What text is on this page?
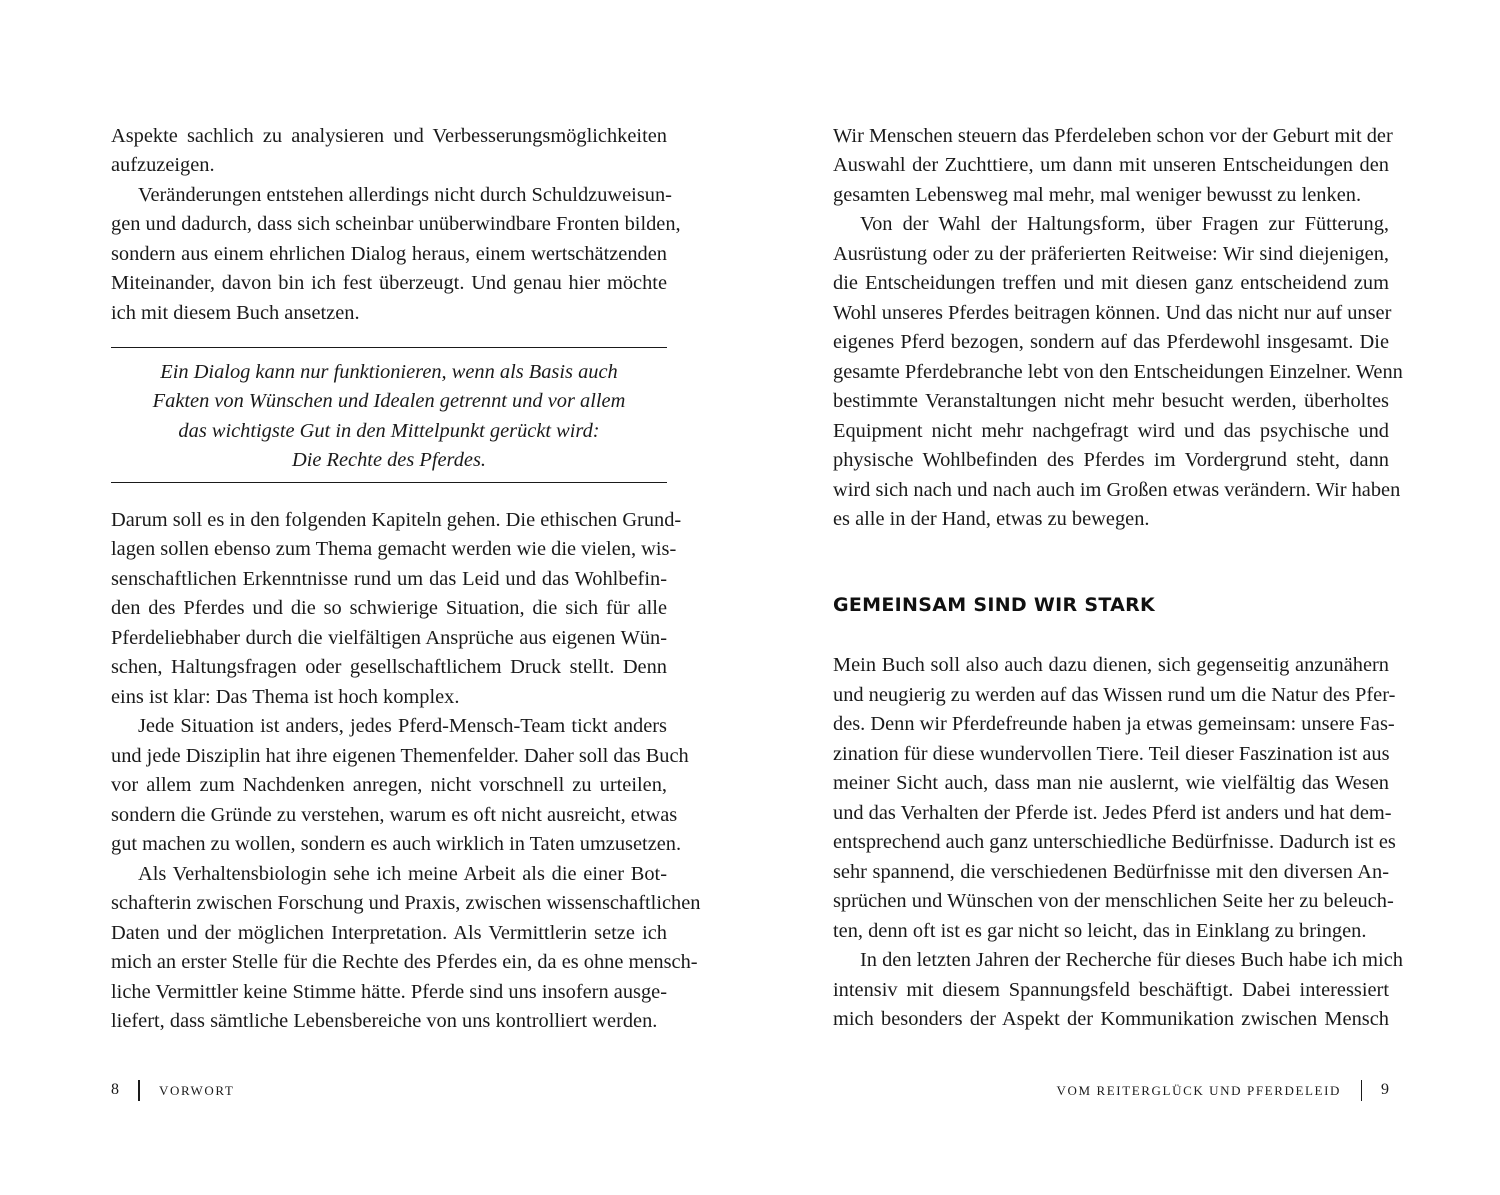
Aspekte sachlich zu analysieren und Verbesserungsmöglichkeiten
aufzuzeigen.
Veränderungen entstehen allerdings nicht durch Schuldzuweisun-
gen und dadurch, dass sich scheinbar unüberwindbare Fronten bilden,
sondern aus einem ehrlichen Dialog heraus, einem wertschätzenden
Miteinander, davon bin ich fest überzeugt. Und genau hier möchte
ich mit diesem Buch ansetzen.
Ein Dialog kann nur funktionieren, wenn als Basis auch
Fakten von Wünschen und Idealen getrennt und vor allem
das wichtigste Gut in den Mittelpunkt gerückt wird:
Die Rechte des Pferdes.
Darum soll es in den folgenden Kapiteln gehen. Die ethischen Grund-
lagen sollen ebenso zum Thema gemacht werden wie die vielen, wis-
senschaftlichen Erkenntnisse rund um das Leid und das Wohlbefin-
den des Pferdes und die so schwierige Situation, die sich für alle
Pferdeliebhaber durch die vielfältigen Ansprüche aus eigenen Wün-
schen, Haltungsfragen oder gesellschaftlichem Druck stellt. Denn
eins ist klar: Das Thema ist hoch komplex.
Jede Situation ist anders, jedes Pferd-Mensch-Team tickt anders
und jede Disziplin hat ihre eigenen Themenfelder. Daher soll das Buch
vor allem zum Nachdenken anregen, nicht vorschnell zu urteilen,
sondern die Gründe zu verstehen, warum es oft nicht ausreicht, etwas
gut machen zu wollen, sondern es auch wirklich in Taten umzusetzen.
Als Verhaltensbiologin sehe ich meine Arbeit als die einer Bot-
schafterin zwischen Forschung und Praxis, zwischen wissenschaftlichen
Daten und der möglichen Interpretation. Als Vermittlerin setze ich
mich an erster Stelle für die Rechte des Pferdes ein, da es ohne mensch-
liche Vermittler keine Stimme hätte. Pferde sind uns insofern ausge-
liefert, dass sämtliche Lebensbereiche von uns kontrolliert werden.
8	VORWORT
Wir Menschen steuern das Pferdeleben schon vor der Geburt mit der
Auswahl der Zuchttiere, um dann mit unseren Entscheidungen den
gesamten Lebensweg mal mehr, mal weniger bewusst zu lenken.
Von der Wahl der Haltungsform, über Fragen zur Fütterung,
Ausrüstung oder zu der präferierten Reitweise: Wir sind diejenigen,
die Entscheidungen treffen und mit diesen ganz entscheidend zum
Wohl unseres Pferdes beitragen können. Und das nicht nur auf unser
eigenes Pferd bezogen, sondern auf das Pferdewohl insgesamt. Die
gesamte Pferdebranche lebt von den Entscheidungen Einzelner. Wenn
bestimmte Veranstaltungen nicht mehr besucht werden, überholtes
Equipment nicht mehr nachgefragt wird und das psychische und
physische Wohlbefinden des Pferdes im Vordergrund steht, dann
wird sich nach und nach auch im Großen etwas verändern. Wir haben
es alle in der Hand, etwas zu bewegen.
GEMEINSAM SIND WIR STARK
Mein Buch soll also auch dazu dienen, sich gegenseitig anzunähern
und neugierig zu werden auf das Wissen rund um die Natur des Pfer-
des. Denn wir Pferdefreunde haben ja etwas gemeinsam: unsere Fas-
zination für diese wundervollen Tiere. Teil dieser Faszination ist aus
meiner Sicht auch, dass man nie auslernt, wie vielfältig das Wesen
und das Verhalten der Pferde ist. Jedes Pferd ist anders und hat dem-
entsprechend auch ganz unterschiedliche Bedürfnisse. Dadurch ist es
sehr spannend, die verschiedenen Bedürfnisse mit den diversen An-
sprüchen und Wünschen von der menschlichen Seite her zu beleuch-
ten, denn oft ist es gar nicht so leicht, das in Einklang zu bringen.
In den letzten Jahren der Recherche für dieses Buch habe ich mich
intensiv mit diesem Spannungsfeld beschäftigt. Dabei interessiert
mich besonders der Aspekt der Kommunikation zwischen Mensch
VOM REITERGLÜCK UND PFERDELEID	9
